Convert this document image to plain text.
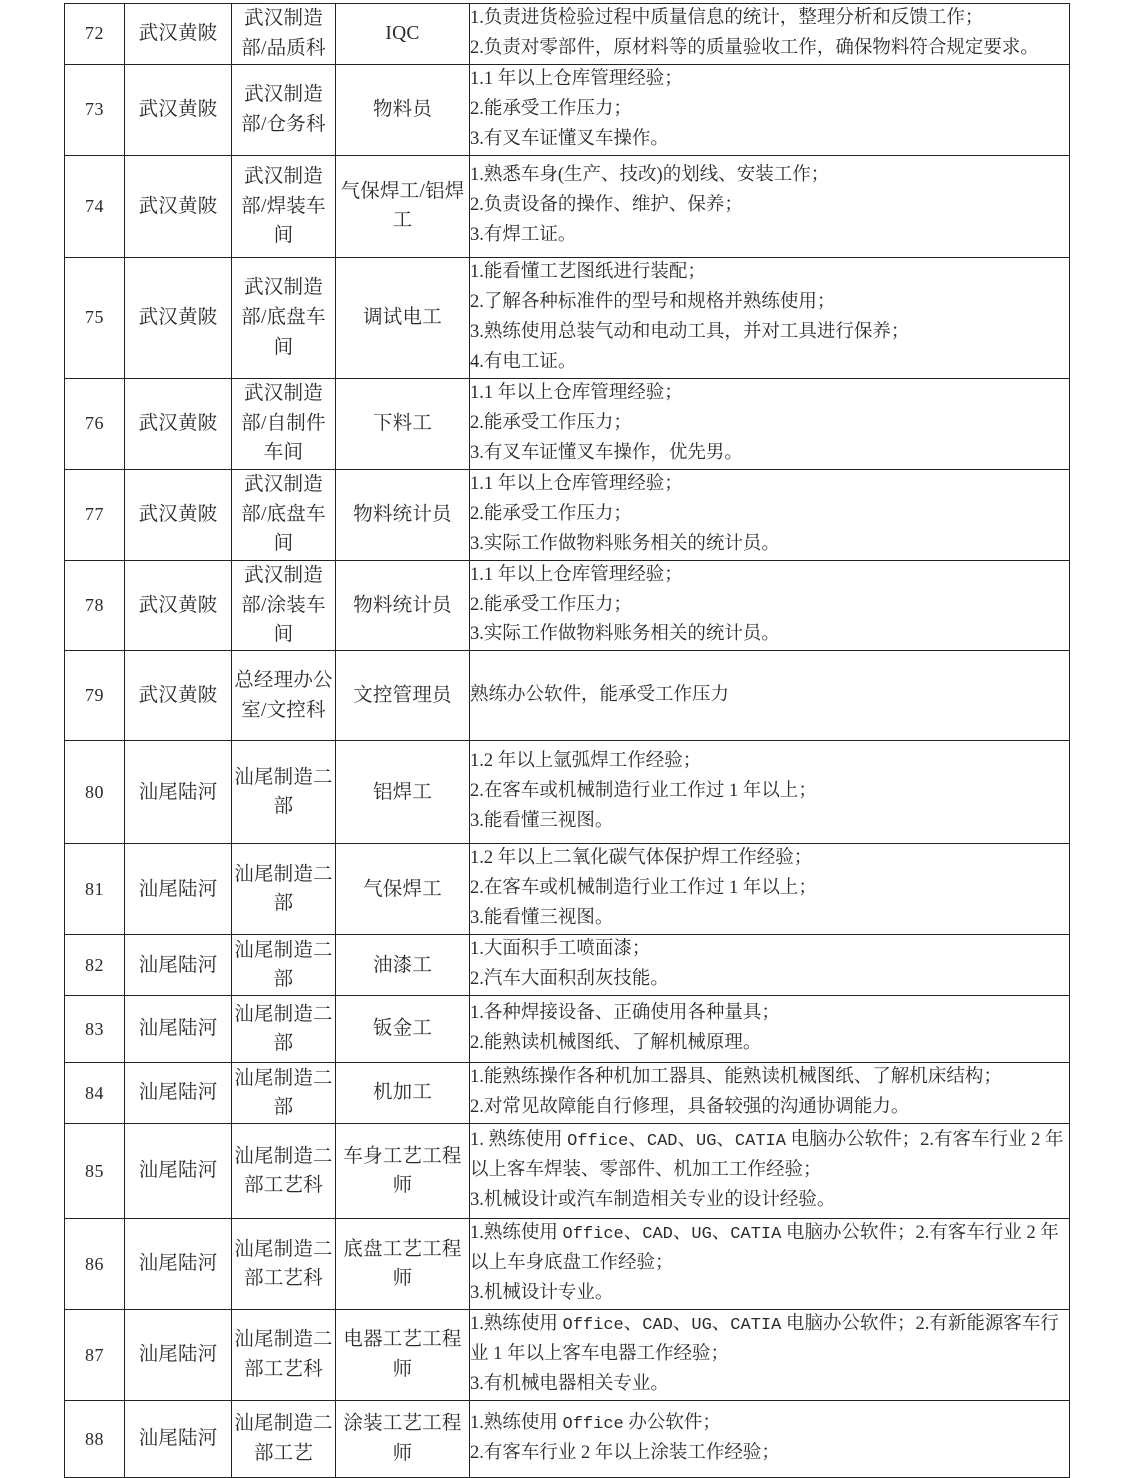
72	武汉黄陂	武汉制造部/品质科	IQC	1.负责进货检验过程中质量信息的统计，整理分析和反馈工作；
2.负责对零部件，原材料等的质量验收工作，确保物料符合规定要求。

73	武汉黄陂	武汉制造部/仓务科	物料员	1.1 年以上仓库管理经验；
2.能承受工作压力；
3.有叉车证懂叉车操作。

74	武汉黄陂	武汉制造部/焊装车间	气保焊工/铝焊工	1.熟悉车身(生产、技改)的划线、安装工作；
2.负责设备的操作、维护、保养；
3.有焊工证。

75	武汉黄陂	武汉制造部/底盘车间	调试电工	1.能看懂工艺图纸进行装配；
2.了解各种标准件的型号和规格并熟练使用；
3.熟练使用总装气动和电动工具，并对工具进行保养；
4.有电工证。

76	武汉黄陂	武汉制造部/自制件车间	下料工	1.1 年以上仓库管理经验；
2.能承受工作压力；
3.有叉车证懂叉车操作，优先男。

77	武汉黄陂	武汉制造部/底盘车间	物料统计员	1.1 年以上仓库管理经验；
2.能承受工作压力；
3.实际工作做物料账务相关的统计员。

78	武汉黄陂	武汉制造部/涂装车间	物料统计员	1.1 年以上仓库管理经验；
2.能承受工作压力；
3.实际工作做物料账务相关的统计员。

79	武汉黄陂	总经理办公室/文控科	文控管理员	熟练办公软件，能承受工作压力

80	汕尾陆河	汕尾制造二部	铝焊工	1.2 年以上氩弧焊工作经验；
2.在客车或机械制造行业工作过 1 年以上；
3.能看懂三视图。

81	汕尾陆河	汕尾制造二部	气保焊工	1.2 年以上二氧化碳气体保护焊工作经验；
2.在客车或机械制造行业工作过 1 年以上；
3.能看懂三视图。

82	汕尾陆河	汕尾制造二部	油漆工	1.大面积手工喷面漆；
2.汽车大面积刮灰技能。

83	汕尾陆河	汕尾制造二部	钣金工	1.各种焊接设备、正确使用各种量具；
2.能熟读机械图纸、了解机械原理。

84	汕尾陆河	汕尾制造二部	机加工	1.能熟练操作各种机加工器具、能熟读机械图纸、了解机床结构；
2.对常见故障能自行修理，具备较强的沟通协调能力。

85	汕尾陆河	汕尾制造二部工艺科	车身工艺工程师	1. 熟练使用 Office、CAD、UG、CATIA 电脑办公软件；2.有客车行业 2 年以上客车焊装、零部件、机加工工作经验；
3.机械设计或汽车制造相关专业的设计经验。

86	汕尾陆河	汕尾制造二部工艺科	底盘工艺工程师	1.熟练使用 Office、CAD、UG、CATIA 电脑办公软件；2.有客车行业 2 年以上车身底盘工作经验；
3.机械设计专业。

87	汕尾陆河	汕尾制造二部工艺科	电器工艺工程师	1.熟练使用 Office、CAD、UG、CATIA 电脑办公软件；2.有新能源客车行业 1 年以上客车电器工作经验；
3.有机械电器相关专业。

88	汕尾陆河	汕尾制造二部工艺	涂装工艺工程师	1.熟练使用 Office 办公软件；
2.有客车行业 2 年以上涂装工作经验；
